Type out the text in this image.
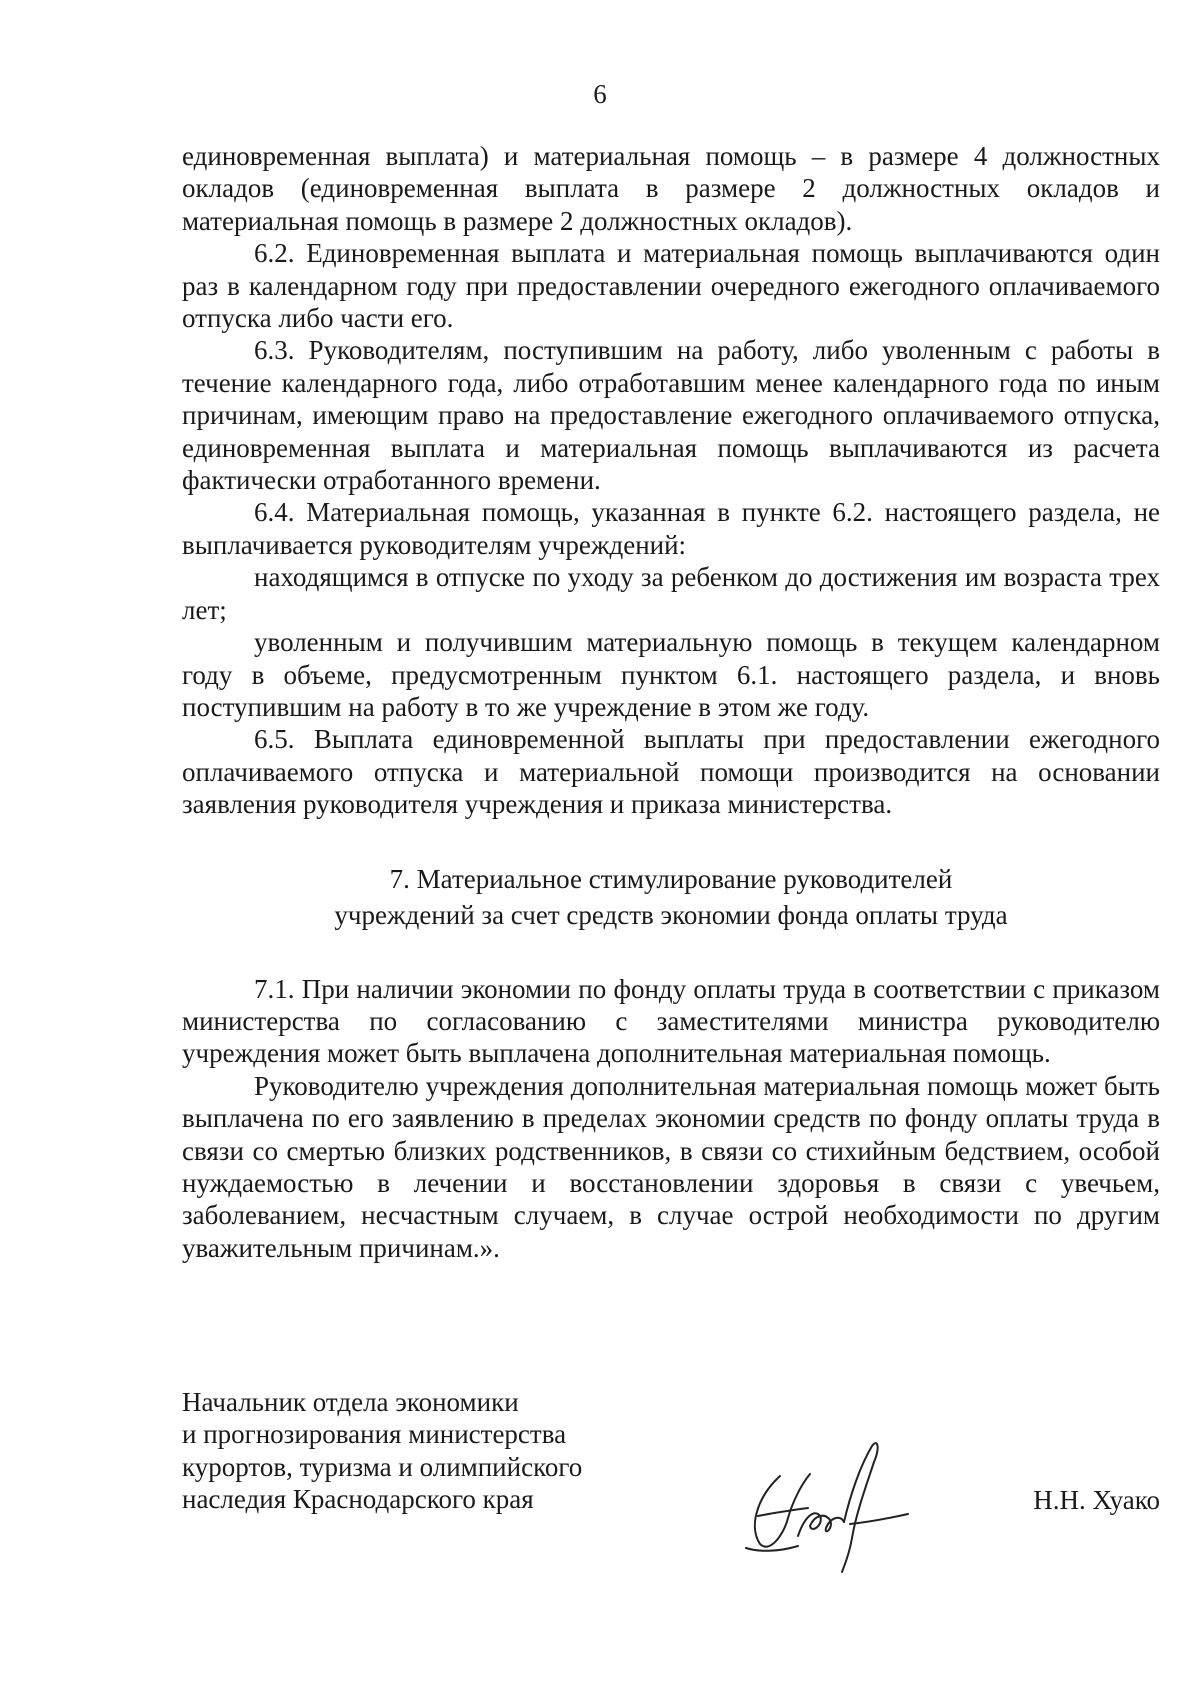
6

единовременная выплата) и материальная помощь – в размере 4 должностных окладов (единовременная выплата в размере 2 должностных окладов и материальная помощь в размере 2 должностных окладов).

6.2. Единовременная выплата и материальная помощь выплачиваются один раз в календарном году при предоставлении очередного ежегодного оплачиваемого отпуска либо части его.

6.3. Руководителям, поступившим на работу, либо уволенным с работы в течение календарного года, либо отработавшим менее календарного года по иным причинам, имеющим право на предоставление ежегодного оплачиваемого отпуска, единовременная выплата и материальная помощь выплачиваются из расчета фактически отработанного времени.

6.4. Материальная помощь, указанная в пункте 6.2. настоящего раздела, не выплачивается руководителям учреждений:

находящимся в отпуске по уходу за ребенком до достижения им возраста трех лет;

уволенным и получившим материальную помощь в текущем календарном году в объеме, предусмотренным пунктом 6.1. настоящего раздела, и вновь поступившим на работу в то же учреждение в этом же году.

6.5. Выплата единовременной выплаты при предоставлении ежегодного оплачиваемого отпуска и материальной помощи производится на основании заявления руководителя учреждения и приказа министерства.

7. Материальное стимулирование руководителей
учреждений за счет средств экономии фонда оплаты труда

7.1. При наличии экономии по фонду оплаты труда в соответствии с приказом министерства по согласованию с заместителями министра руководителю учреждения может быть выплачена дополнительная материальная помощь.

Руководителю учреждения дополнительная материальная помощь может быть выплачена по его заявлению в пределах экономии средств по фонду оплаты труда в связи со смертью близких родственников, в связи со стихийным бедствием, особой нуждаемостью в лечении и восстановлении здоровья в связи с увечьем, заболеванием, несчастным случаем, в случае острой необходимости по другим уважительным причинам.».

Начальник отдела экономики
и прогнозирования министерства
курортов, туризма и олимпийского
наследия Краснодарского края	Н.Н. Хуако
